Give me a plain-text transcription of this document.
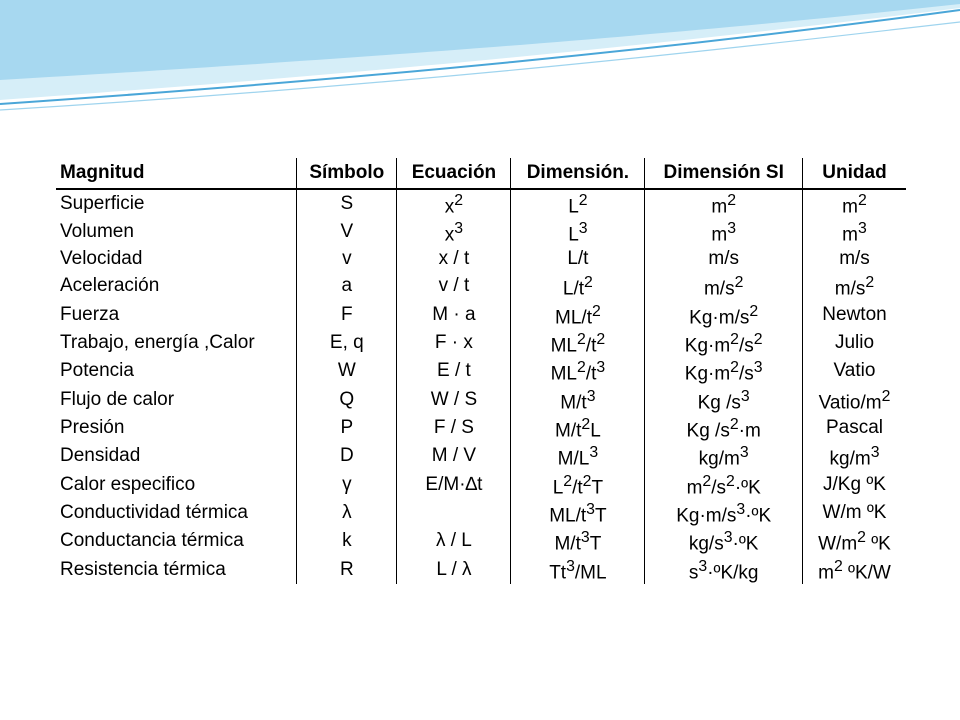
Magnitud	Símbolo	Ecuación	Dimensión.	Dimensión SI	Unidad
Superficie	S	$x^2$	$L^2$	$m^2$	$m^2$
Volumen	V	$x^3$	$L^3$	$m^3$	$m^3$
Velocidad	v	x / t	L/t	m/s	m/s
Aceleración	a	v / t	$L/t^2$	$m/s^2$	$m/s^2$
Fuerza	F	M · a	$ML/t^2$	$Kg\cdot m/s^2$	Newton
Trabajo, energía ,Calor	E, q	F · x	$ML^2/t^2$	$Kg\cdot m^2/s^2$	Julio
Potencia	W	E / t	$ML^2/t^3$	$Kg\cdot m^2/s^3$	Vatio
Flujo de calor	Q	W / S	$M/t^3$	Kg $/s^3$	Vatio/$m^2$
Presión	P	F / S	$M/t^2L$	Kg $/s^2\cdot m$	Pascal
Densidad	D	M / V	$M/L^3$	$kg/m^3$	$kg/m^3$
Calor especifico	γ	E/M·∆t	$L^2/t^2T$	$m^2/s^2\cdot ºK$	J/Kg ºK
Conductividad térmica	λ		$ML/t^3T$	$Kg\cdot m/s^3\cdot ºK$	W/m ºK
Conductancia térmica	k	λ / L	$M/t^3T$	$kg/s^3\cdot ºK$	$W/m^2$ ºK
Resistencia térmica	R	L / λ	Tt$^3$/ML	$s^3\cdot ºK/kg$	$m^2$ ºK/W
